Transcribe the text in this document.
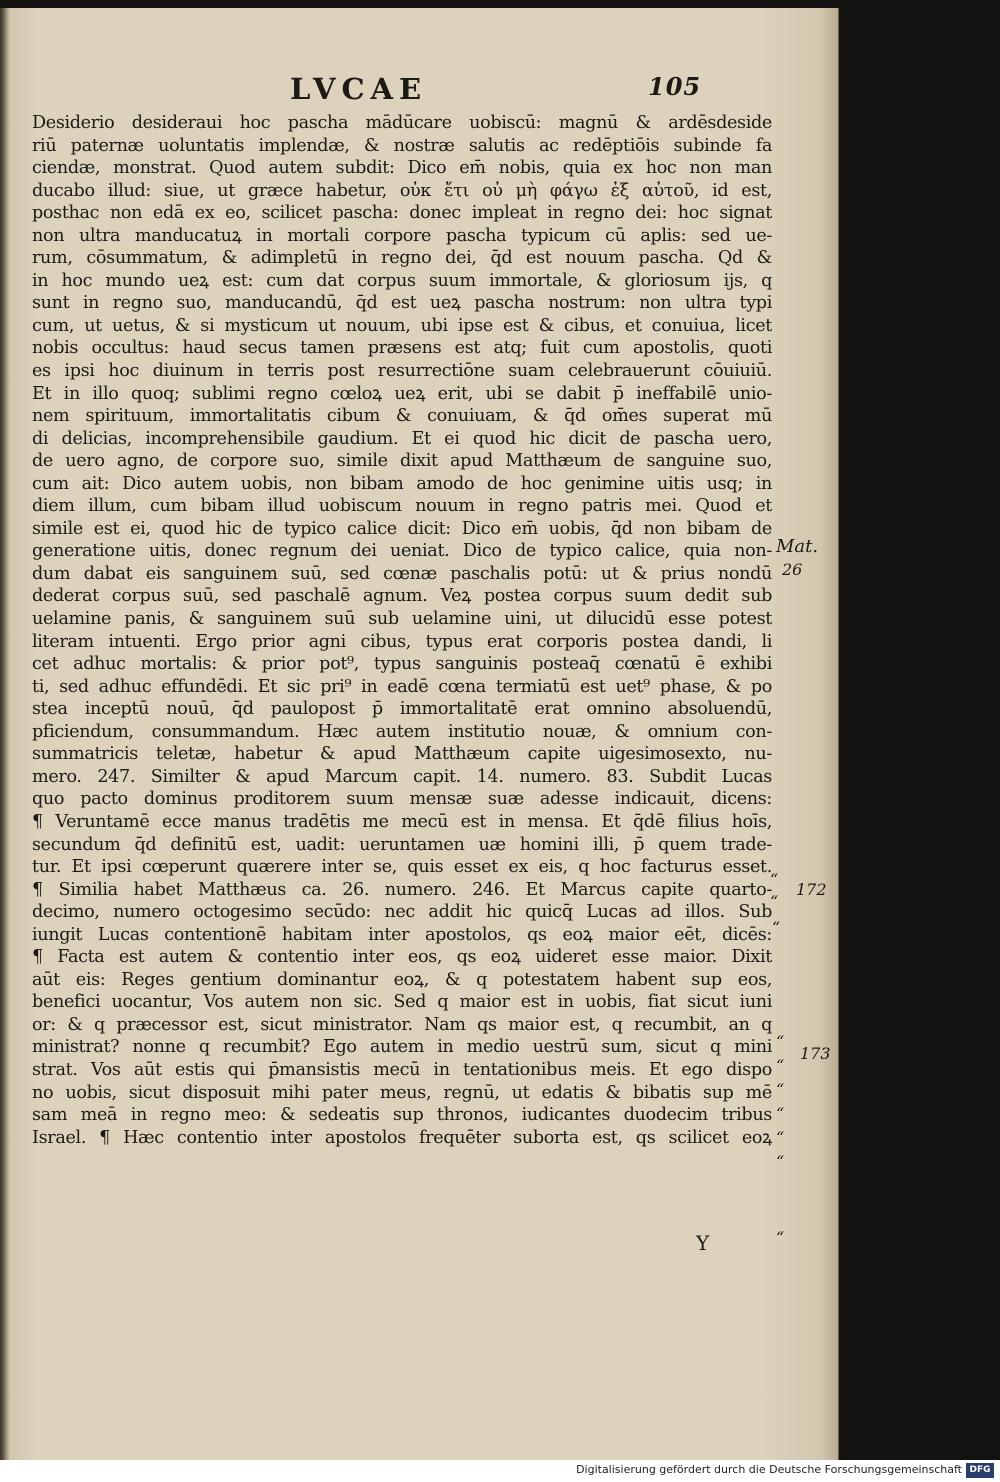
LVCAE	105
Desiderio desideraui hoc pascha mādūcare uobiscū: magnū & ardēsdeside
riū paternæ uoluntatis implendæ, & nostræ salutis ac redēptiōis subinde fa
ciendæ, monstrat. Quod autem subdit: Dico em̄ nobis, quia ex hoc non man
ducabo illud: siue, ut græce habetur, οὐκ ἔτι οὐ μὴ φάγω ἐξ αὐτοῦ, id est,
posthac non edā ex eo, scilicet pascha: donec impleat in regno dei: hoc signat
non ultra manducatuꝝ in mortali corpore pascha typicum cū apl̄is: sed ue-
rum, cōsummatum, & adimpletū in regno dei, q̄d est nouum pascha. Qd &
in hoc mundo ueꝝ est: cum dat corpus suum immortale, & gloriosum ijs, q
sunt in regno suo, manducandū, q̄d est ueꝝ pascha nostrum: non ultra typi
cum, ut uetus, & si mysticum ut nouum, ubi ipse est & cibus, et conuiua, licet
nobis occultus: haud secus tamen præsens est atq; fuit cum apostolis, quoti
es ipsi hoc diuinum in terris post resurrectiōne suam celebrauerunt cōuiuiū.
Et in illo quoq; sublimi regno cœloꝝ ueꝝ erit, ubi se dabit p̄ ineffabilē unio-
nem spirituum, immortalitatis cibum & conuiuam, & q̄d om̄es superat mū
di delicias, incomprehensibile gaudium. Et ei quod hic dicit de pascha uero,
de uero agno, de corpore suo, simile dixit apud Matthæum de sanguine suo,
cum ait: Dico autem uobis, non bibam amodo de hoc genimine uitis usq; in
diem illum, cum bibam illud uobiscum nouum in regno patris mei. Quod et
simile est ei, quod hic de typico calice dicit: Dico em̄ uobis, q̄d non bibam de
generatione uitis, donec regnum dei ueniat. Dico de typico calice, quia non-
dum dabat eis sanguinem suū, sed cœnæ paschalis potū: ut & prius nondū
dederat corpus suū, sed paschalē agnum. Veꝝ postea corpus suum dedit sub
uelamine panis, & sanguinem suū sub uelamine uini, ut dilucidū esse potest
literam intuenti. Ergo prior agni cibus, typus erat corporis postea dandi, li
cet adhuc mortalis: & prior pot⁹, typus sanguinis posteaq̄ cœnatū ē exhibi
ti, sed adhuc effundēdi. Et sic pri⁹ in eadē cœna termiatū est uet⁹ phase, & po
stea inceptū nouū, q̄d paulopost p̄ immortalitatē erat omnino absoluendū,
pficiendum, consummandum. Hæc autem institutio nouæ, & omnium con-
summatricis teletæ, habetur & apud Matthæum capite uigesimosexto, nu-
mero. 247. Similter & apud Marcum capit. 14. numero. 83. Subdit Lucas
quo pacto dominus proditorem suum mensæ suæ adesse indicauit, dicens:
¶ Veruntamē ecce manus tradētis me mecū est in mensa. Et q̄dē filius hoīs,
secundum q̄d definitū est, uadit: ueruntamen uæ homini illi, p̄ quem trade-
tur. Et ipsi cœperunt quærere inter se, quis esset ex eis, q hoc facturus esset.
¶ Similia habet Matthæus ca. 26. numero. 246. Et Marcus capite quarto-
decimo, numero octogesimo secūdo: nec addit hic quicq̄ Lucas ad illos. Sub
iungit Lucas contentionē habitam inter apostolos, qs eoꝝ maior eēt, dicēs:
¶ Facta est autem & contentio inter eos, qs eoꝝ uideret esse maior. Dixit
aūt eis: Reges gentium dominantur eoꝝ, & q potestatem habent sup eos,
benefici uocantur, Vos autem non sic. Sed q maior est in uobis, fiat sicut iuni
or: & q præcessor est, sicut ministrator. Nam qs maior est, q recumbit, an q
ministrat? nonne q recumbit? Ego autem in medio uestrū sum, sicut q mini
strat. Vos aūt estis qui p̄mansistis mecū in tentationibus meis. Et ego dispo
no uobis, sicut disposuit mihi pater meus, regnū, ut edatis & bibatis sup mē
sam meā in regno meo: & sedeatis sup thronos, iudicantes duodecim tribus
Israel. ¶ Hæc contentio inter apostolos frequēter suborta est, qs scilicet eoꝝ
Mat.
26
“
“
172
“
“
173
“
“
“
“
“
“
Y
Digitalisierung gefördert durch die Deutsche Forschungsgemeinschaft DFG
